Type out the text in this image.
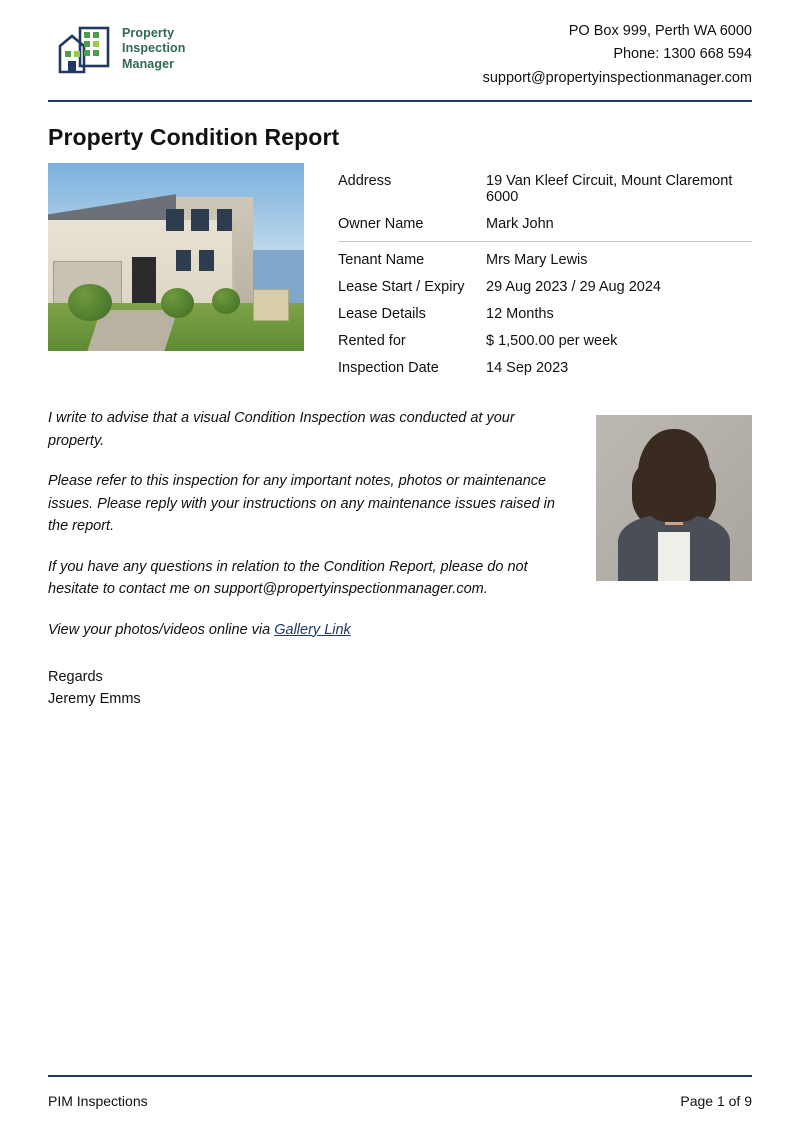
Property
Inspection
Manager
PO Box 999, Perth WA 6000
Phone: 1300 668 594
support@propertyinspectionmanager.com
Property Condition Report
Address	19 Van Kleef Circuit, Mount Claremont 6000
Owner Name	Mark John
Tenant Name	Mrs Mary Lewis
Lease Start / Expiry	29 Aug 2023 / 29 Aug 2024
Lease Details	12 Months
Rented for	$ 1,500.00 per week
Inspection Date	14 Sep 2023

I write to advise that a visual Condition Inspection was conducted at your property.

Please refer to this inspection for any important notes, photos or maintenance issues. Please reply with your instructions on any maintenance issues raised in the report.

If you have any questions in relation to the Condition Report, please do not hesitate to contact me on support@propertyinspectionmanager.com.

View your photos/videos online via Gallery Link

Regards
Jeremy Emms
PIM Inspections	Page 1 of 9
